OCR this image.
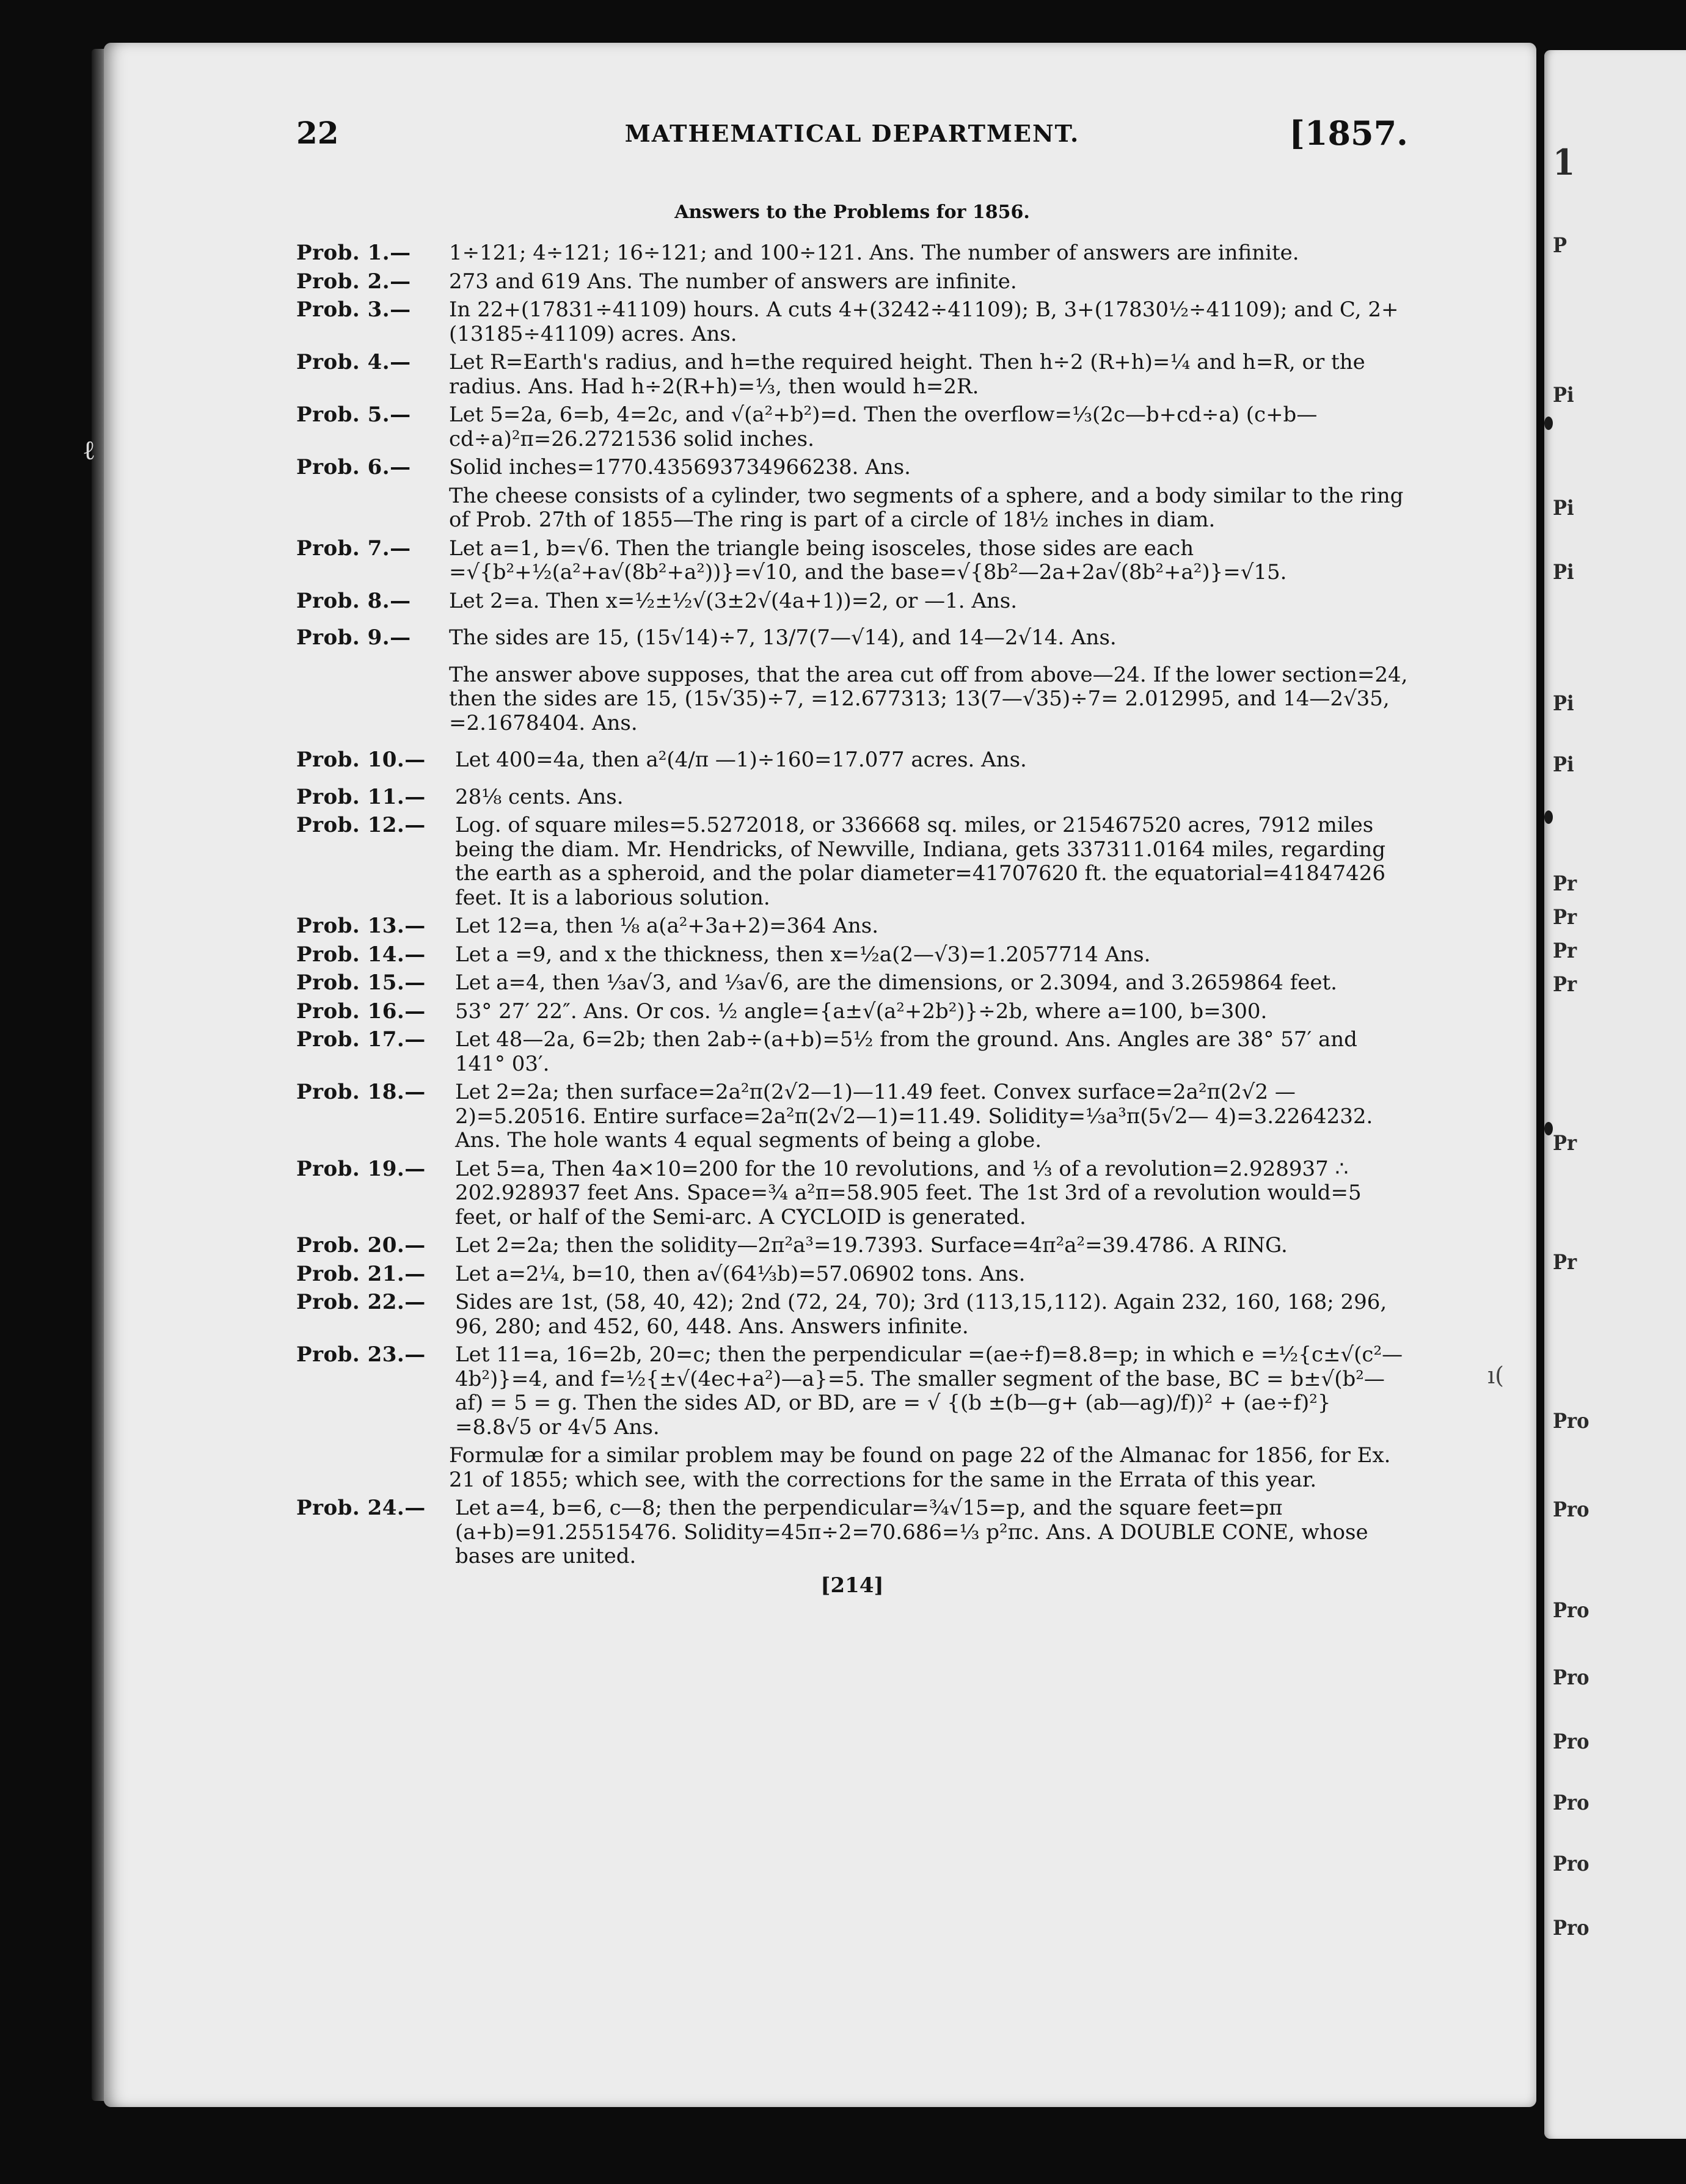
1
P
Pi
Pi
Pi
Pi
Pi
Pr
Pr
Pr
Pr
Pr
Pr
Pro
Pro
Pro
Pro
Pro
Pro
Pro
Pro
ℓ
ı(
22	MATHEMATICAL DEPARTMENT.	[1857.
Answers to the Problems for 1856.
Prob. 1.— 1÷121; 4÷121; 16÷121; and 100÷121. Ans. The number of answers are infinite.
Prob. 2.— 273 and 619 Ans. The number of answers are infinite.
Prob. 3.— In 22+(17831÷41109) hours. A cuts 4+(3242÷41109); B, 3+(17830½÷41109); and C, 2+(13185÷41109) acres. Ans.
Prob. 4.— Let R=Earth's radius, and h=the required height. Then h÷2 (R+h)=¼ and h=R, or the radius. Ans. Had h÷2(R+h)=⅓, then would h=2R.
Prob. 5.— Let 5=2a, 6=b, 4=2c, and √(a²+b²)=d. Then the overflow=⅓(2c—b+cd÷a) (c+b—cd÷a)²π=26.2721536 solid inches.
Prob. 6.— Solid inches=1770.435693734966238. Ans.
The cheese consists of a cylinder, two segments of a sphere, and a body similar to the ring of Prob. 27th of 1855—The ring is part of a circle of 18½ inches in diam.
Prob. 7.— Let a=1, b=√6. Then the triangle being isosceles, those sides are each =√{b²+½(a²+a√(8b²+a²))}=√10, and the base=√{8b²—2a+2a√(8b²+a²)}=√15.
Prob. 8.— Let 2=a. Then x=½±½√(3±2√(4a+1))=2, or —1. Ans.
Prob. 9.— The sides are 15, (15√14)÷7, 13/7(7—√14), and 14—2√14. Ans.
The answer above supposes, that the area cut off from above—24. If the lower section=24, then the sides are 15, (15√35)÷7, =12.677313; 13(7—√35)÷7= 2.012995, and 14—2√35, =2.1678404. Ans.
Prob. 10.— Let 400=4a, then a²(4/π —1)÷160=17.077 acres. Ans.
Prob. 11.— 28⅛ cents. Ans.
Prob. 12.— Log. of square miles=5.5272018, or 336668 sq. miles, or 215467520 acres, 7912 miles being the diam. Mr. Hendricks, of Newville, Indiana, gets 337311.0164 miles, regarding the earth as a spheroid, and the polar diameter=41707620 ft. the equatorial=41847426 feet. It is a laborious solution.
Prob. 13.— Let 12=a, then ⅛ a(a²+3a+2)=364 Ans.
Prob. 14.— Let a =9, and x the thickness, then x=½a(2—√3)=1.2057714 Ans.
Prob. 15.— Let a=4, then ⅓a√3, and ⅓a√6, are the dimensions, or 2.3094, and 3.2659864 feet.
Prob. 16.— 53° 27′ 22″. Ans. Or cos. ½ angle={a±√(a²+2b²)}÷2b, where a=100, b=300.
Prob. 17.— Let 48—2a, 6=2b; then 2ab÷(a+b)=5½ from the ground. Ans. Angles are 38° 57′ and 141° 03′.
Prob. 18.— Let 2=2a; then surface=2a²π(2√2—1)—11.49 feet. Convex surface=2a²π(2√2 —2)=5.20516. Entire surface=2a²π(2√2—1)=11.49. Solidity=⅓a³π(5√2— 4)=3.2264232. Ans. The hole wants 4 equal segments of being a globe.
Prob. 19.— Let 5=a, Then 4a×10=200 for the 10 revolutions, and ⅓ of a revolution=2.928937 ∴ 202.928937 feet Ans. Space=¾ a²π=58.905 feet. The 1st 3rd of a revolution would=5 feet, or half of the Semi-arc. A CYCLOID is generated.
Prob. 20.— Let 2=2a; then the solidity—2π²a³=19.7393. Surface=4π²a²=39.4786. A RING.
Prob. 21.— Let a=2¼, b=10, then a√(64⅓b)=57.06902 tons. Ans.
Prob. 22.— Sides are 1st, (58, 40, 42); 2nd (72, 24, 70); 3rd (113,15,112). Again 232, 160, 168; 296, 96, 280; and 452, 60, 448. Ans. Answers infinite.
Prob. 23.— Let 11=a, 16=2b, 20=c; then the perpendicular =(ae÷f)=8.8=p; in which e =½{c±√(c²—4b²)}=4, and f=½{±√(4ec+a²)—a}=5. The smaller segment of the base, BC = b±√(b²—af) = 5 = g. Then the sides AD, or BD, are = √ {(b ±(b—g+ (ab—ag)/f))² + (ae÷f)²} =8.8√5 or 4√5 Ans.
Formulæ for a similar problem may be found on page 22 of the Almanac for 1856, for Ex. 21 of 1855; which see, with the corrections for the same in the Errata of this year.
Prob. 24.— Let a=4, b=6, c—8; then the perpendicular=¾√15=p, and the square feet=pπ (a+b)=91.25515476. Solidity=45π÷2=70.686=⅓ p²πc. Ans. A DOUBLE CONE, whose bases are united.
[214]
